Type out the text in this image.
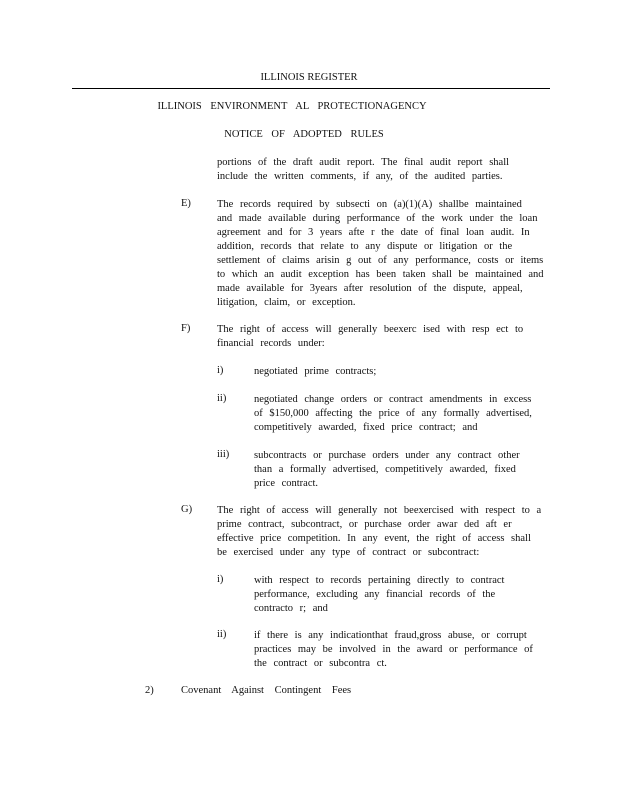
ILLINOIS REGISTER
ILLINOIS ENVIRONMENT AL PROTECTIONAGENCY
NOTICE OF ADOPTED RULES
portions of the draft audit report. The final audit report shall
include the written comments, if any, of the audited parties.
E) The records required by subsecti on (a)(1)(A) shallbe maintained
and made available during performance of the work under the loan
agreement and for 3 years afte r the date of final loan audit. In
addition, records that relate to any dispute or litigation or the
settlement of claims arisin g out of any performance, costs or items
to which an audit exception has been taken shall be maintained and
made available for 3years after resolution of the dispute, appeal,
litigation, claim, or exception.
F)	The right of access will generally beexerc ised with resp ect to
financial records under:
i)	negotiated prime contracts;
ii)	negotiated change orders or contract amendments in excess
of $150,000 affecting the price of any formally advertised,
competitively awarded, fixed price contract; and
iii) subcontracts or purchase orders under any contract other
than a formally advertised, competitively awarded, fixed
price contract.
G) The right of access will generally not beexercised with respect to a
prime contract, subcontract, or purchase order awar ded aft er
effective price competition. In any event, the right of access shall
be exercised under any type of contract or subcontract:
i)	with respect to records pertaining directly to contract
performance, excluding any financial records of the
contracto r; and
ii)	if there is any indicationthat fraud,gross abuse, or corrupt
practices may be involved in the award or performance of
the contract or subcontra ct.
2)	Covenant Against Contingent Fees
